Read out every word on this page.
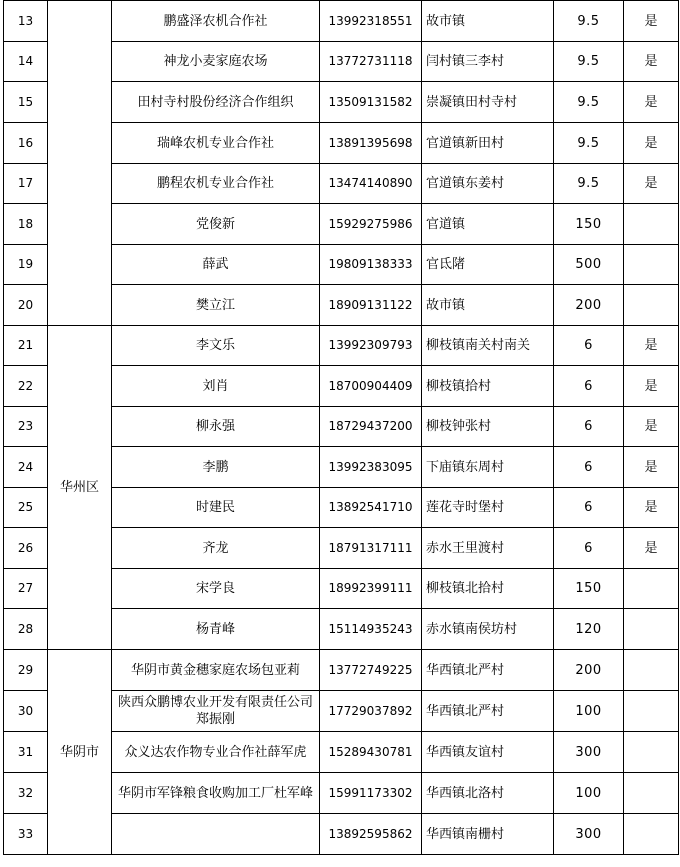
13		鹏盛泽农机合作社	13992318551	故市镇	9.5	是
14		神龙小麦家庭农场	13772731118	闫村镇三李村	9.5	是
15		田村寺村股份经济合作组织	13509131582	崇凝镇田村寺村	9.5	是
16		瑞峰农机专业合作社	13891395698	官道镇新田村	9.5	是
17		鹏程农机专业合作社	13474140890	官道镇东姜村	9.5	是
18		党俊新	15929275986	官道镇	150	
19		薛武	19809138333	官氐陼	500	
20		樊立江	18909131122	故市镇	200	
21	华州区	李文乐	13992309793	柳枝镇南关村南关	6	是
22		刘肖	18700904409	柳枝镇拾村	6	是
23		柳永强	18729437200	柳枝钟张村	6	是
24		李鹏	13992383095	下庙镇东周村	6	是
25		时建民	13892541710	莲花寺时堡村	6	是
26		齐龙	18791317111	赤水王里渡村	6	是
27		宋学良	18992399111	柳枝镇北拾村	150	
28		杨青峰	15114935243	赤水镇南侯坊村	120	
29	华阴市	华阴市黄金穗家庭农场包亚莉	13772749225	华西镇北严村	200	
30		陕西众鹏博农业开发有限责任公司郑振刚	17729037892	华西镇北严村	100	
31		众义达农作物专业合作社薛军虎	15289430781	华西镇友谊村	300	
32		华阴市军锋粮食收购加工厂杜军峰	15991173302	华西镇北洛村	100	
33			13892595862	华西镇南栅村	300	
